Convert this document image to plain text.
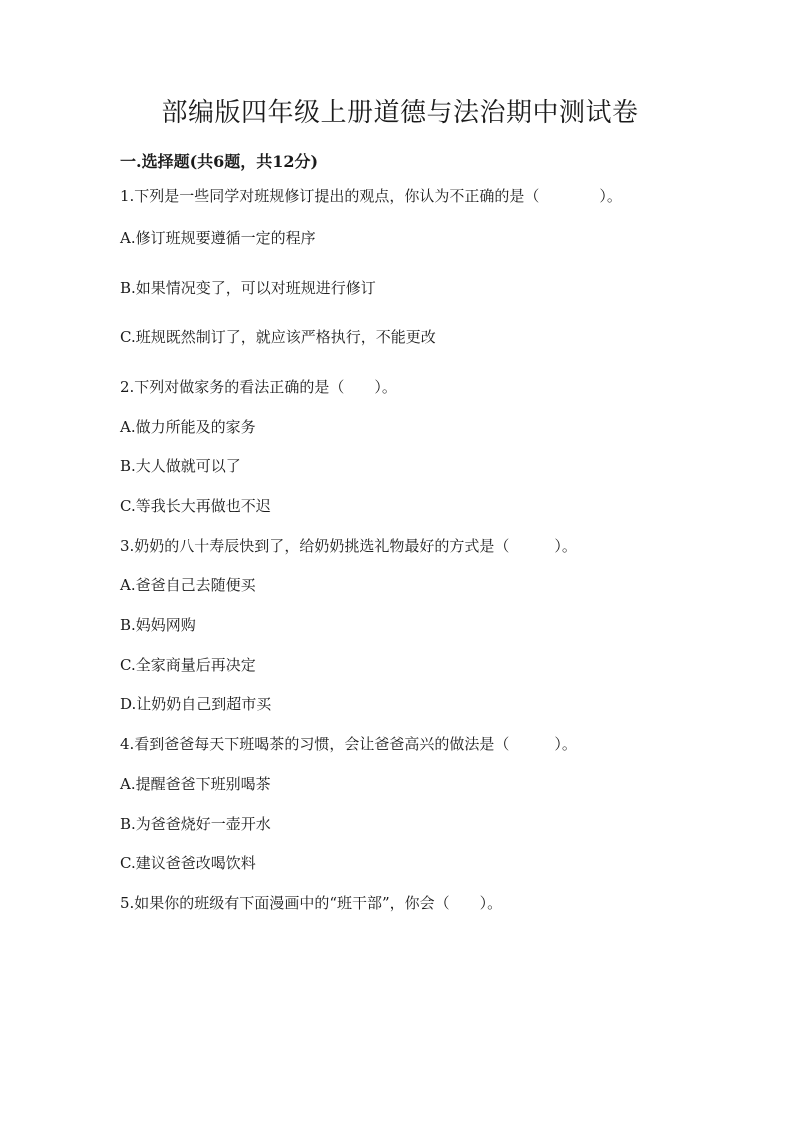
部编版四年级上册道德与法治期中测试卷
一.选择题(共6题，共12分)
1.下列是一些同学对班规修订提出的观点，你认为不正确的是（　　　　）。
A.修订班规要遵循一定的程序
B.如果情况变了，可以对班规进行修订
C.班规既然制订了，就应该严格执行，不能更改
2.下列对做家务的看法正确的是（　　）。
A.做力所能及的家务
B.大人做就可以了
C.等我长大再做也不迟
3.奶奶的八十寿辰快到了，给奶奶挑选礼物最好的方式是（　　　）。
A.爸爸自己去随便买
B.妈妈网购
C.全家商量后再决定
D.让奶奶自己到超市买
4.看到爸爸每天下班喝茶的习惯，会让爸爸高兴的做法是（　　　）。
A.提醒爸爸下班别喝茶
B.为爸爸烧好一壶开水
C.建议爸爸改喝饮料
5.如果你的班级有下面漫画中的“班干部”，你会（　　）。
